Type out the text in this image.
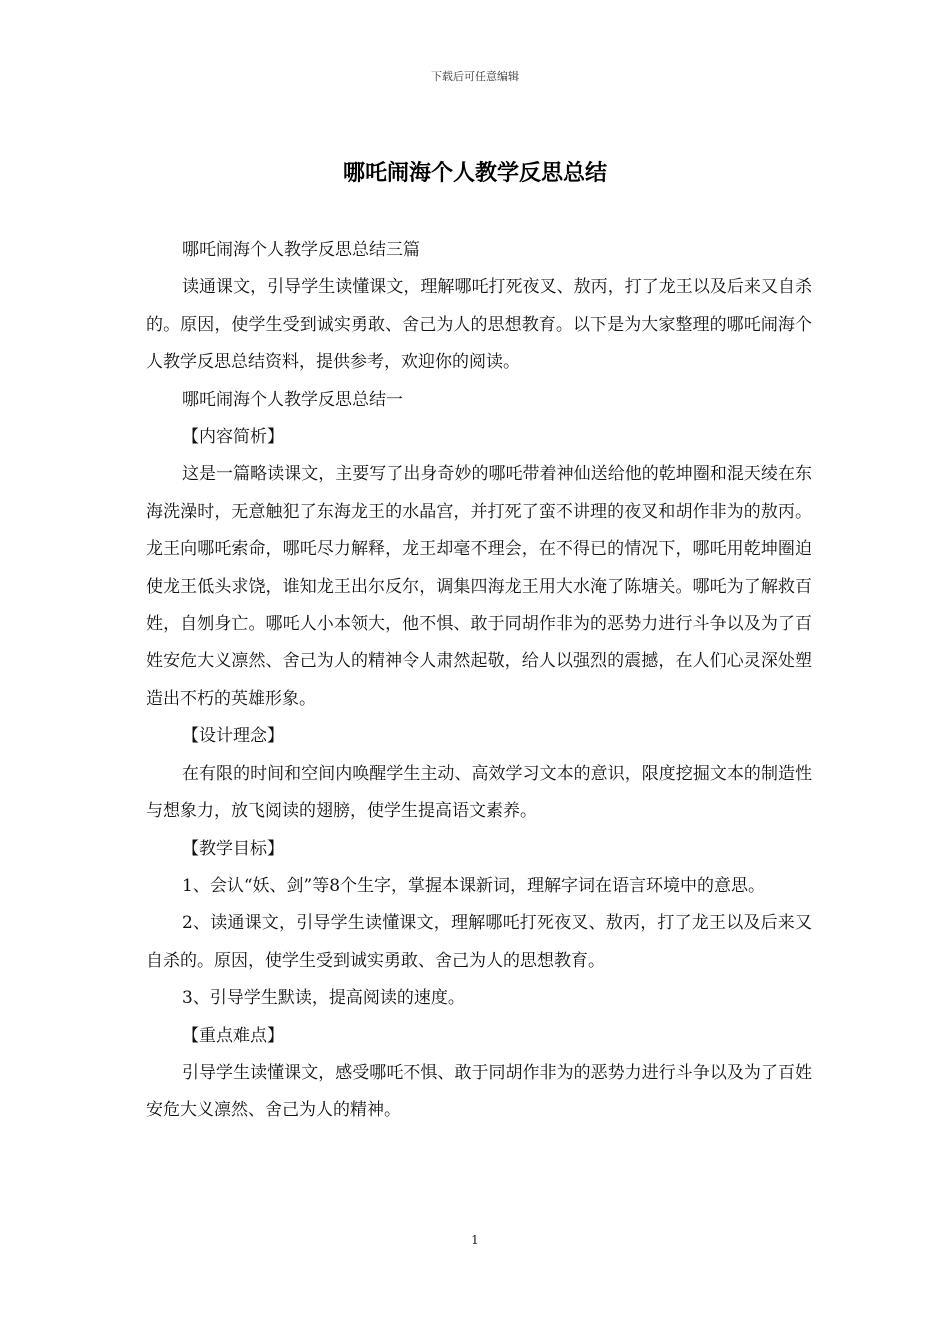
下载后可任意编辑
哪吒闹海个人教学反思总结

哪吒闹海个人教学反思总结三篇

读通课文，引导学生读懂课文，理解哪吒打死夜叉、敖丙，打了龙王以及后来又自杀的。原因，使学生受到诚实勇敢、舍己为人的思想教育。以下是为大家整理的哪吒闹海个人教学反思总结资料，提供参考，欢迎你的阅读。

哪吒闹海个人教学反思总结一

【内容简析】

这是一篇略读课文，主要写了出身奇妙的哪吒带着神仙送给他的乾坤圈和混天绫在东海洗澡时，无意触犯了东海龙王的水晶宫，并打死了蛮不讲理的夜叉和胡作非为的敖丙。龙王向哪吒索命，哪吒尽力解释，龙王却毫不理会，在不得已的情况下，哪吒用乾坤圈迫使龙王低头求饶，谁知龙王出尔反尔，调集四海龙王用大水淹了陈塘关。哪吒为了解救百姓，自刎身亡。哪吒人小本领大，他不惧、敢于同胡作非为的恶势力进行斗争以及为了百姓安危大义凛然、舍己为人的精神令人肃然起敬，给人以强烈的震撼，在人们心灵深处塑造出不朽的英雄形象。

【设计理念】

在有限的时间和空间内唤醒学生主动、高效学习文本的意识，限度挖掘文本的制造性与想象力，放飞阅读的翅膀，使学生提高语文素养。

【教学目标】

1、会认“妖、剑”等8个生字，掌握本课新词，理解字词在语言环境中的意思。

2、读通课文，引导学生读懂课文，理解哪吒打死夜叉、敖丙，打了龙王以及后来又自杀的。原因，使学生受到诚实勇敢、舍己为人的思想教育。

3、引导学生默读，提高阅读的速度。

【重点难点】

引导学生读懂课文，感受哪吒不惧、敢于同胡作非为的恶势力进行斗争以及为了百姓安危大义凛然、舍己为人的精神。

1
